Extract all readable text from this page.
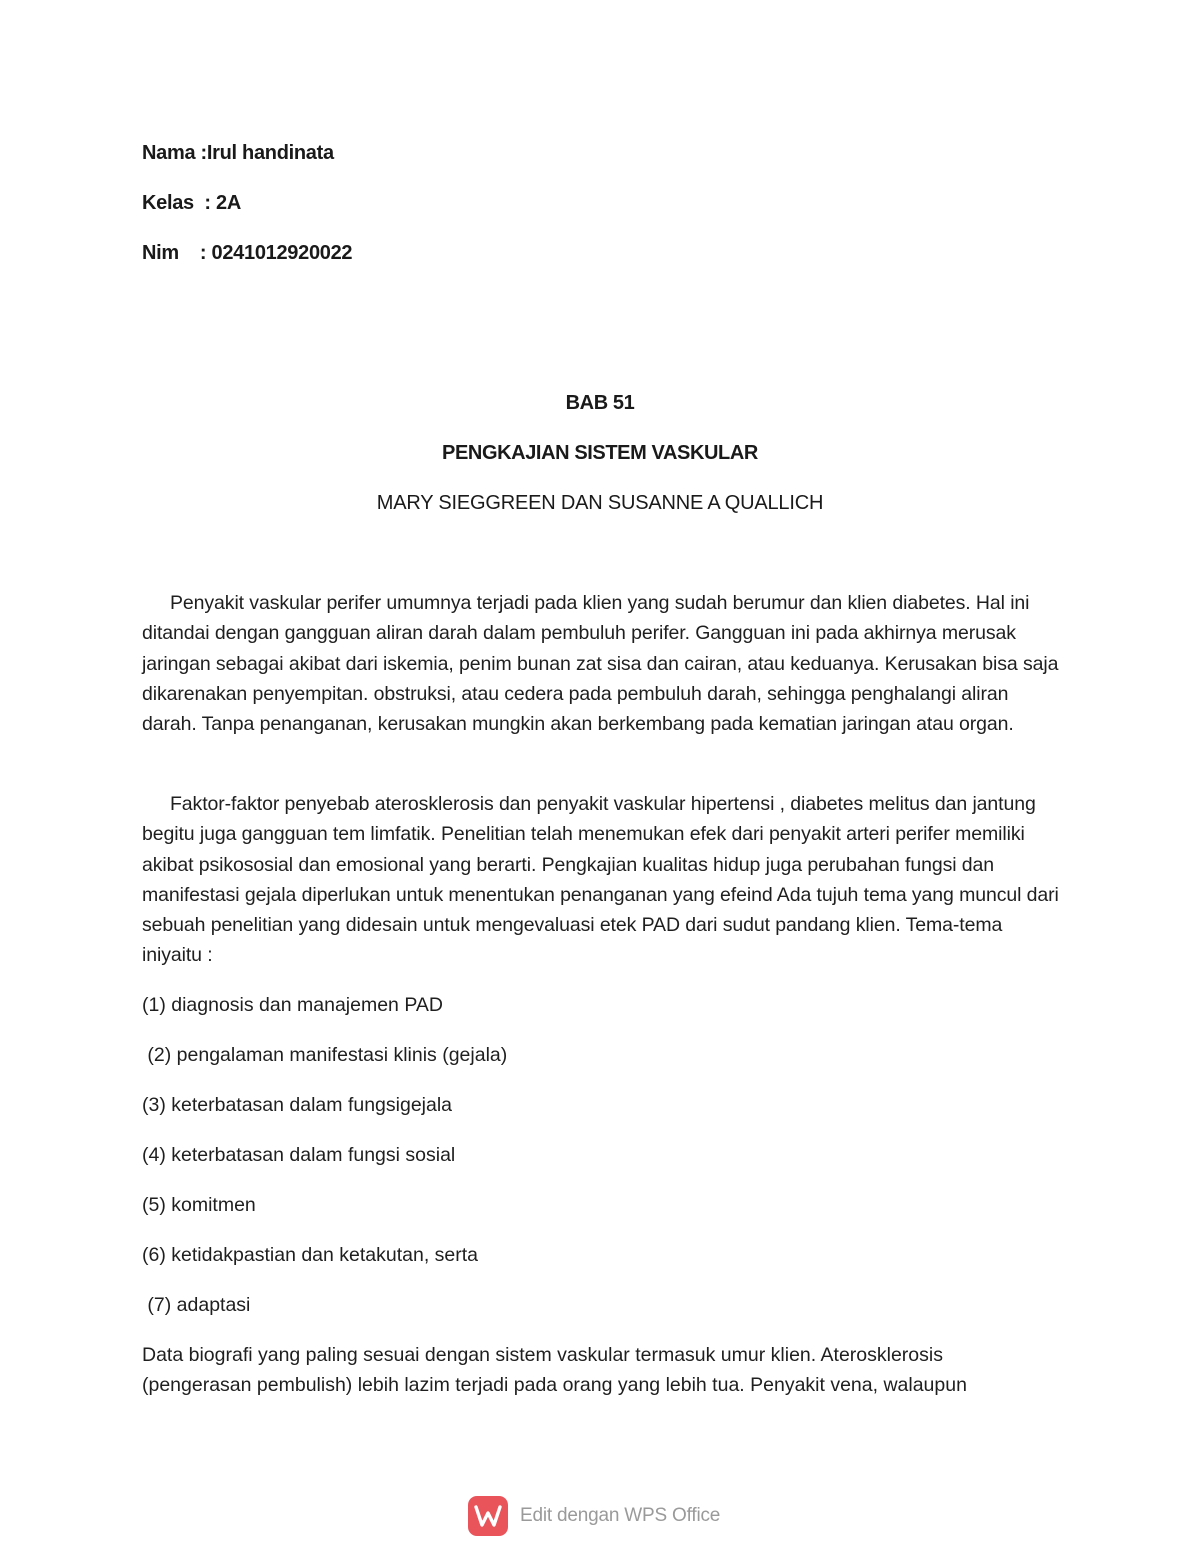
Nama :Irul handinata
Kelas  : 2A
Nim    : 0241012920022
BAB 51
PENGKAJIAN SISTEM VASKULAR
MARY SIEGGREEN DAN SUSANNE A QUALLICH

Penyakit vaskular perifer umumnya terjadi pada klien yang sudah berumur dan klien diabetes. Hal ini ditandai dengan gangguan aliran darah dalam pembuluh perifer. Gangguan ini pada akhirnya merusak jaringan sebagai akibat dari iskemia, penim bunan zat sisa dan cairan, atau keduanya. Kerusakan bisa saja dikarenakan penyempitan. obstruksi, atau cedera pada pembuluh darah, sehingga penghalangi aliran darah. Tanpa penanganan, kerusakan mungkin akan berkembang pada kematian jaringan atau organ.

Faktor-faktor penyebab aterosklerosis dan penyakit vaskular hipertensi , diabetes melitus dan jantung begitu juga gangguan tem limfatik. Penelitian telah menemukan efek dari penyakit arteri perifer memiliki akibat psikososial dan emosional yang berarti. Pengkajian kualitas hidup juga perubahan fungsi dan manifestasi gejala diperlukan untuk menentukan penanganan yang efeind Ada tujuh tema yang muncul dari sebuah penelitian yang didesain untuk mengevaluasi etek PAD dari sudut pandang klien. Tema-tema iniyaitu :

(1) diagnosis dan manajemen PAD
(2) pengalaman manifestasi klinis (gejala)
(3) keterbatasan dalam fungsigejala
(4) keterbatasan dalam fungsi sosial
(5) komitmen
(6) ketidakpastian dan ketakutan, serta
(7) adaptasi
Data biografi yang paling sesuai dengan sistem vaskular termasuk umur klien. Aterosklerosis
(pengerasan pembulish) lebih lazim terjadi pada orang yang lebih tua. Penyakit vena, walaupun
Edit dengan WPS Office
